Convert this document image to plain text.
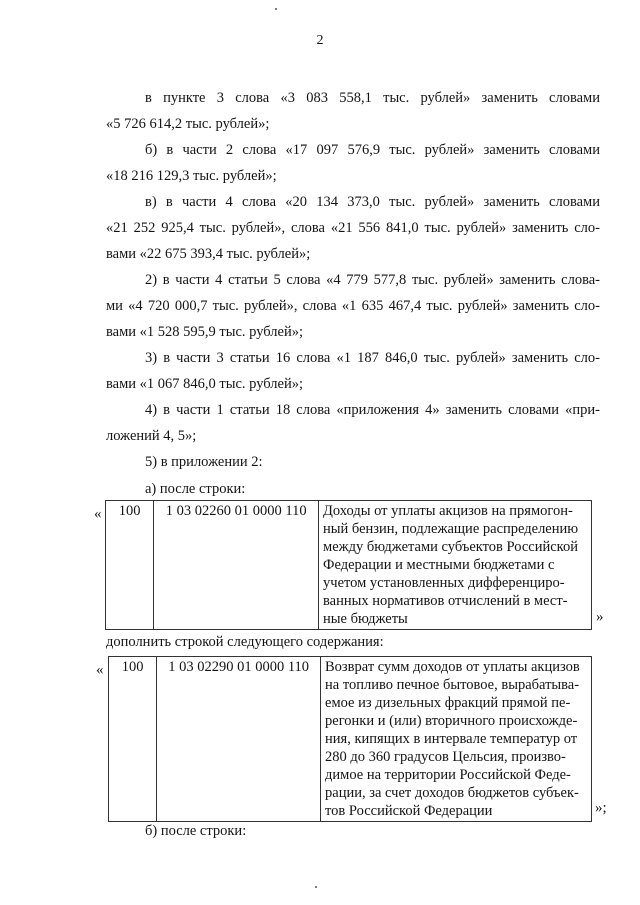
2
в пункте 3 слова «3 083 558,1 тыс. рублей» заменить словами
«5 726 614,2 тыс. рублей»;
б) в части 2 слова «17 097 576,9 тыс. рублей» заменить словами
«18 216 129,3 тыс. рублей»;
в) в части 4 слова «20 134 373,0 тыс. рублей» заменить словами
«21 252 925,4 тыс. рублей», слова «21 556 841,0 тыс. рублей» заменить сло-
вами «22 675 393,4 тыс. рублей»;
2) в части 4 статьи 5 слова «4 779 577,8 тыс. рублей» заменить слова-
ми «4 720 000,7 тыс. рублей», слова «1 635 467,4 тыс. рублей» заменить сло-
вами «1 528 595,9 тыс. рублей»;
3) в части 3 статьи 16 слова «1 187 846,0 тыс. рублей» заменить сло-
вами «1 067 846,0 тыс. рублей»;
4) в части 1 статьи 18 слова «приложения 4» заменить словами «при-
ложений 4, 5»;
5) в приложении 2:
а) после строки:
« 100	1 03 02260 01 0000 110	Доходы от уплаты акцизов на прямогон-
ный бензин, подлежащие распределению
между бюджетами субъектов Российской
Федерации и местными бюджетами с
учетом установленных дифференциро-
ванных нормативов отчислений в мест-
ные бюджеты	»
дополнить строкой следующего содержания:
« 100	1 03 02290 01 0000 110	Возврат сумм доходов от уплаты акцизов
на топливо печное бытовое, вырабатыва-
емое из дизельных фракций прямой пе-
регонки и (или) вторичного происхожде-
ния, кипящих в интервале температур от
280 до 360 градусов Цельсия, произво-
димое на территории Российской Феде-
рации, за счет доходов бюджетов субъек-
тов Российской Федерации	»;
б) после строки:
